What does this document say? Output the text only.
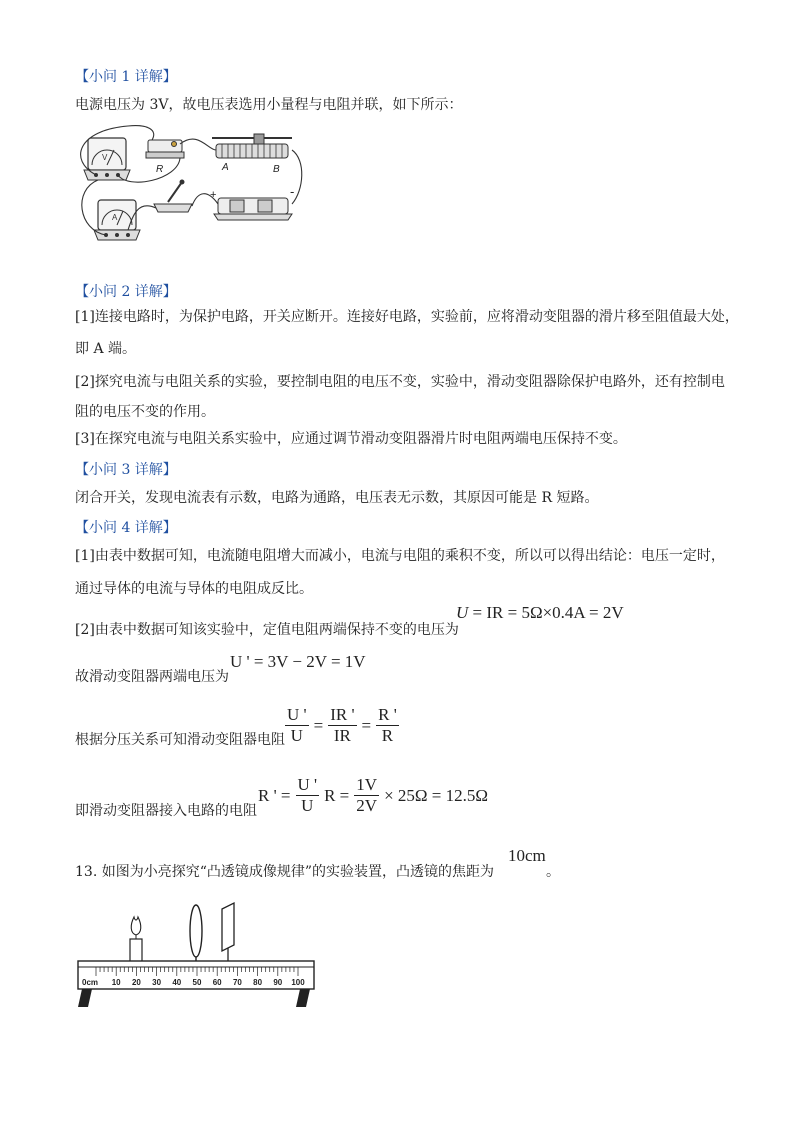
【小问 1 详解】
电源电压为 3V，故电压表选用小量程与电阻并联，如下所示：
V
R	A	B
A
+	-
【小问 2 详解】
[1]连接电路时，为保护电路，开关应断开。连接好电路，实验前，应将滑动变阻器的滑片移至阻值最大处，
即 A 端。
[2]探究电流与电阻关系的实验，要控制电阻的电压不变，实验中，滑动变阻器除保护电路外，还有控制电
阻的电压不变的作用。
[3]在探究电流与电阻关系实验中，应通过调节滑动变阻器滑片时电阻两端电压保持不变。
【小问 3 详解】
闭合开关，发现电流表有示数，电路为通路，电压表无示数，其原因可能是 R 短路。
【小问 4 详解】
[1]由表中数据可知，电流随电阻增大而减小，电流与电阻的乘积不变，所以可以得出结论：电压一定时，
通过导体的电流与导体的电阻成反比。
[2]由表中数据可知该实验中，定值电阻两端保持不变的电压为
U = IR = 5Ω×0.4A = 2V
故滑动变阻器两端电压为
U ' = 3V − 2V = 1V
根据分压关系可知滑动变阻器电阻 $\frac{U '}{U} = \frac{IR '}{IR} = \frac{R '}{R}$
即滑动变阻器接入电路的电阻
R ' = $\frac{U '}{U}$ $R = \frac{1V}{2V} \times 25\Omega = 12.5\Omega$
13. 如图为小亮探究“凸透镜成像规律”的实验装置，凸透镜的焦距为
10cm
。
0cm 10 20 30 40 50 60 70 80 90 100
